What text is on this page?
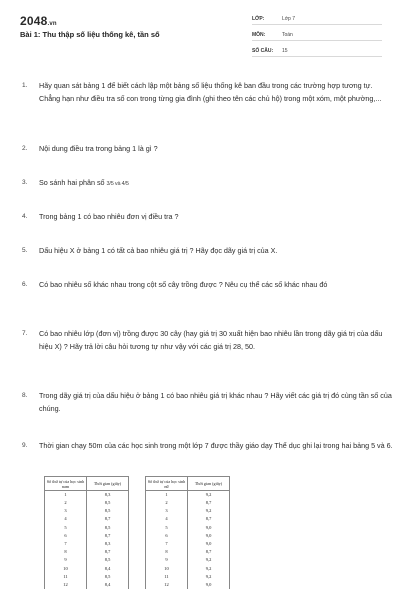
2048.vn
Bài 1: Thu thập số liệu thống kê, tần số
LỚP:	Lớp 7
MÔN:	Toán
SỐ CÂU:	15
1.	Hãy quan sát bảng 1 để biết cách lập một bảng số liệu thống kê ban đầu trong các trường hợp tương tự. Chẳng hạn như điều tra số con trong từng gia đình (ghi theo tên các chủ hộ) trong một xóm, một phường,...
2.	Nội dung điều tra trong bảng 1 là gì ?
3.	So sánh hai phân số 3/5 và 4/5
4.	Trong bảng 1 có bao nhiêu đơn vị điều tra ?
5.	Dấu hiệu X ở bảng 1 có tất cả bao nhiêu giá trị ? Hãy đọc dãy giá trị của X.
6.	Có bao nhiêu số khác nhau trong cột số cây trồng được ? Nêu cụ thể các số khác nhau đó
7.	Có bao nhiêu lớp (đơn vị) trồng được 30 cây (hay giá trị 30 xuất hiện bao nhiêu lần trong dãy giá trị của dấu hiệu X) ? Hãy trả lời câu hỏi tương tự như vậy với các giá trị 28, 50.
8.	Trong dãy giá trị của dấu hiệu ở bảng 1 có bao nhiêu giá trị khác nhau ? Hãy viết các giá trị đó cùng tần số của chúng.
9.	Thời gian chạy 50m của các học sinh trong một lớp 7 được thầy giáo dạy Thể dục ghi lại trong hai bảng 5 và 6.
Số thứ tự của học sinh nam	Thời gian (giây)
1	8,3
2	8,5
3	8,5
4	8,7
5	8,5
6	8,7
7	8,3
8	8,7
9	8,5
10	8,4
11	8,5
12	8,4
Số thứ tự của học sinh nữ	Thời gian (giây)
1	9,2
2	8,7
3	9,2
4	8,7
5	9,0
6	9,0
7	9,0
8	8,7
9	9,2
10	9,2
11	9,2
12	9,0
